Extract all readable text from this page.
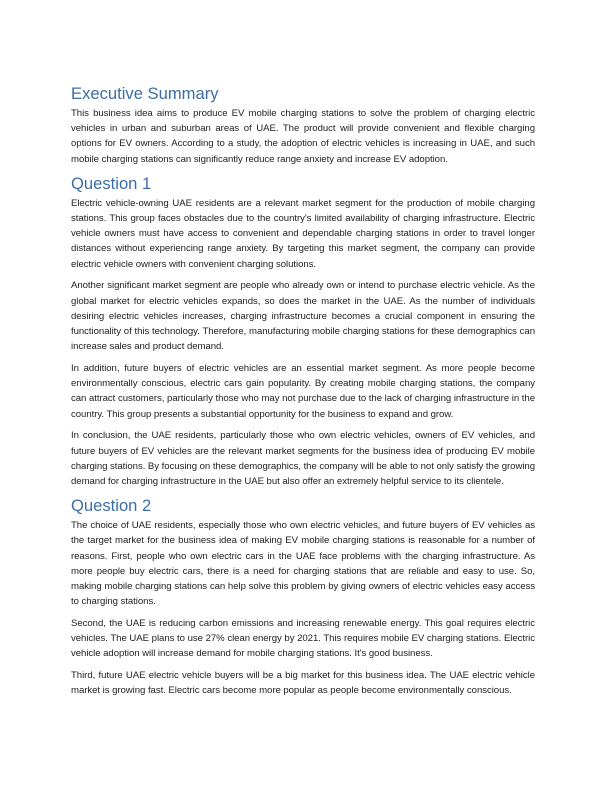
Executive Summary

This business idea aims to produce EV mobile charging stations to solve the problem of charging electric vehicles in urban and suburban areas of UAE. The product will provide convenient and flexible charging options for EV owners. According to a study, the adoption of electric vehicles is increasing in UAE, and such mobile charging stations can significantly reduce range anxiety and increase EV adoption.

Question 1

Electric vehicle-owning UAE residents are a relevant market segment for the production of mobile charging stations. This group faces obstacles due to the country's limited availability of charging infrastructure. Electric vehicle owners must have access to convenient and dependable charging stations in order to travel longer distances without experiencing range anxiety. By targeting this market segment, the company can provide electric vehicle owners with convenient charging solutions.

Another significant market segment are people who already own or intend to purchase electric vehicle. As the global market for electric vehicles expands, so does the market in the UAE. As the number of individuals desiring electric vehicles increases, charging infrastructure becomes a crucial component in ensuring the functionality of this technology. Therefore, manufacturing mobile charging stations for these demographics can increase sales and product demand.

In addition, future buyers of electric vehicles are an essential market segment. As more people become environmentally conscious, electric cars gain popularity. By creating mobile charging stations, the company can attract customers, particularly those who may not purchase due to the lack of charging infrastructure in the country. This group presents a substantial opportunity for the business to expand and grow.

In conclusion, the UAE residents, particularly those who own electric vehicles, owners of EV vehicles, and future buyers of EV vehicles are the relevant market segments for the business idea of producing EV mobile charging stations. By focusing on these demographics, the company will be able to not only satisfy the growing demand for charging infrastructure in the UAE but also offer an extremely helpful service to its clientele.

Question 2

The choice of UAE residents, especially those who own electric vehicles, and future buyers of EV vehicles as the target market for the business idea of making EV mobile charging stations is reasonable for a number of reasons. First, people who own electric cars in the UAE face problems with the charging infrastructure. As more people buy electric cars, there is a need for charging stations that are reliable and easy to use. So, making mobile charging stations can help solve this problem by giving owners of electric vehicles easy access to charging stations.

Second, the UAE is reducing carbon emissions and increasing renewable energy. This goal requires electric vehicles. The UAE plans to use 27% clean energy by 2021. This requires mobile EV charging stations. Electric vehicle adoption will increase demand for mobile charging stations. It's good business.

Third, future UAE electric vehicle buyers will be a big market for this business idea. The UAE electric vehicle market is growing fast. Electric cars become more popular as people become environmentally conscious.
